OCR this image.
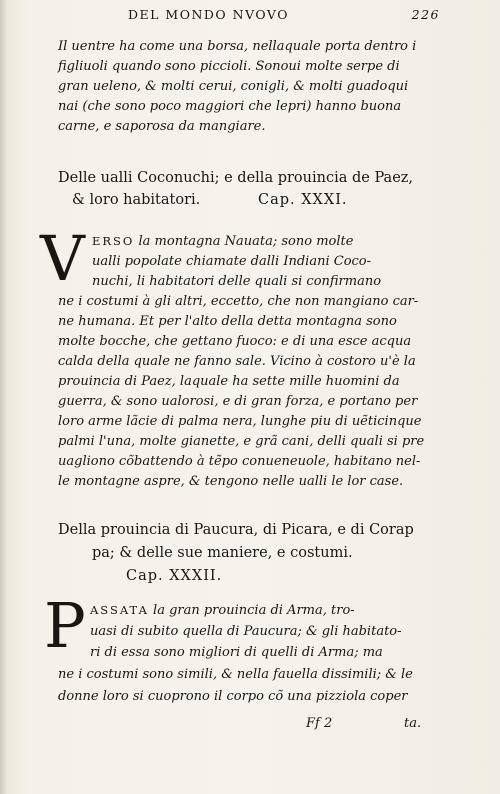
DEL MONDO NVOVO	226
Il uentre ha come una borsa, nellaquale porta dentro i
figliuoli quando sono piccioli. Sonoui molte serpe di
gran ueleno, & molti cerui, conigli, & molti guadoqui
nai (che sono poco maggiori che lepri) hanno buona
carne, e saporosa da mangiare.
Delle ualli Coconuchi; e della prouincia de Paez,
& loro habitatori.	Cap. XXXI.
V ERSO la montagna Nauata; sono molte
ualli popolate chiamate dalli Indiani Coco-
nuchi, li habitatori delle quali si confirmano
ne i costumi à gli altri, eccetto, che non mangiano car-
ne humana. Et per l'alto della detta montagna sono
molte bocche, che gettano fuoco: e di una esce acqua
calda della quale ne fanno sale. Vicino à costoro u'è la
prouincia di Paez, laquale ha sette mille huomini da
guerra, & sono ualorosi, e di gran forza, e portano per
loro arme lãcie di palma nera, lunghe piu di uẽticinque
palmi l'una, molte gianette, e grã cani, delli quali si pre
uagliono cõbattendo à tẽpo conueneuole, habitano nel-
le montagne aspre, & tengono nelle ualli le lor case.
Della prouincia di Paucura, di Picara, e di Corap
pa; & delle sue maniere, e costumi.
Cap. XXXII.
P ASSATA la gran prouincia di Arma, tro-
uasi di subito quella di Paucura; & gli habitato-
ri di essa sono migliori di quelli di Arma; ma
ne i costumi sono simili, & nella fauella dissimili; & le
donne loro si cuoprono il corpo cõ una pizziola coper
Ff 2	ta.
